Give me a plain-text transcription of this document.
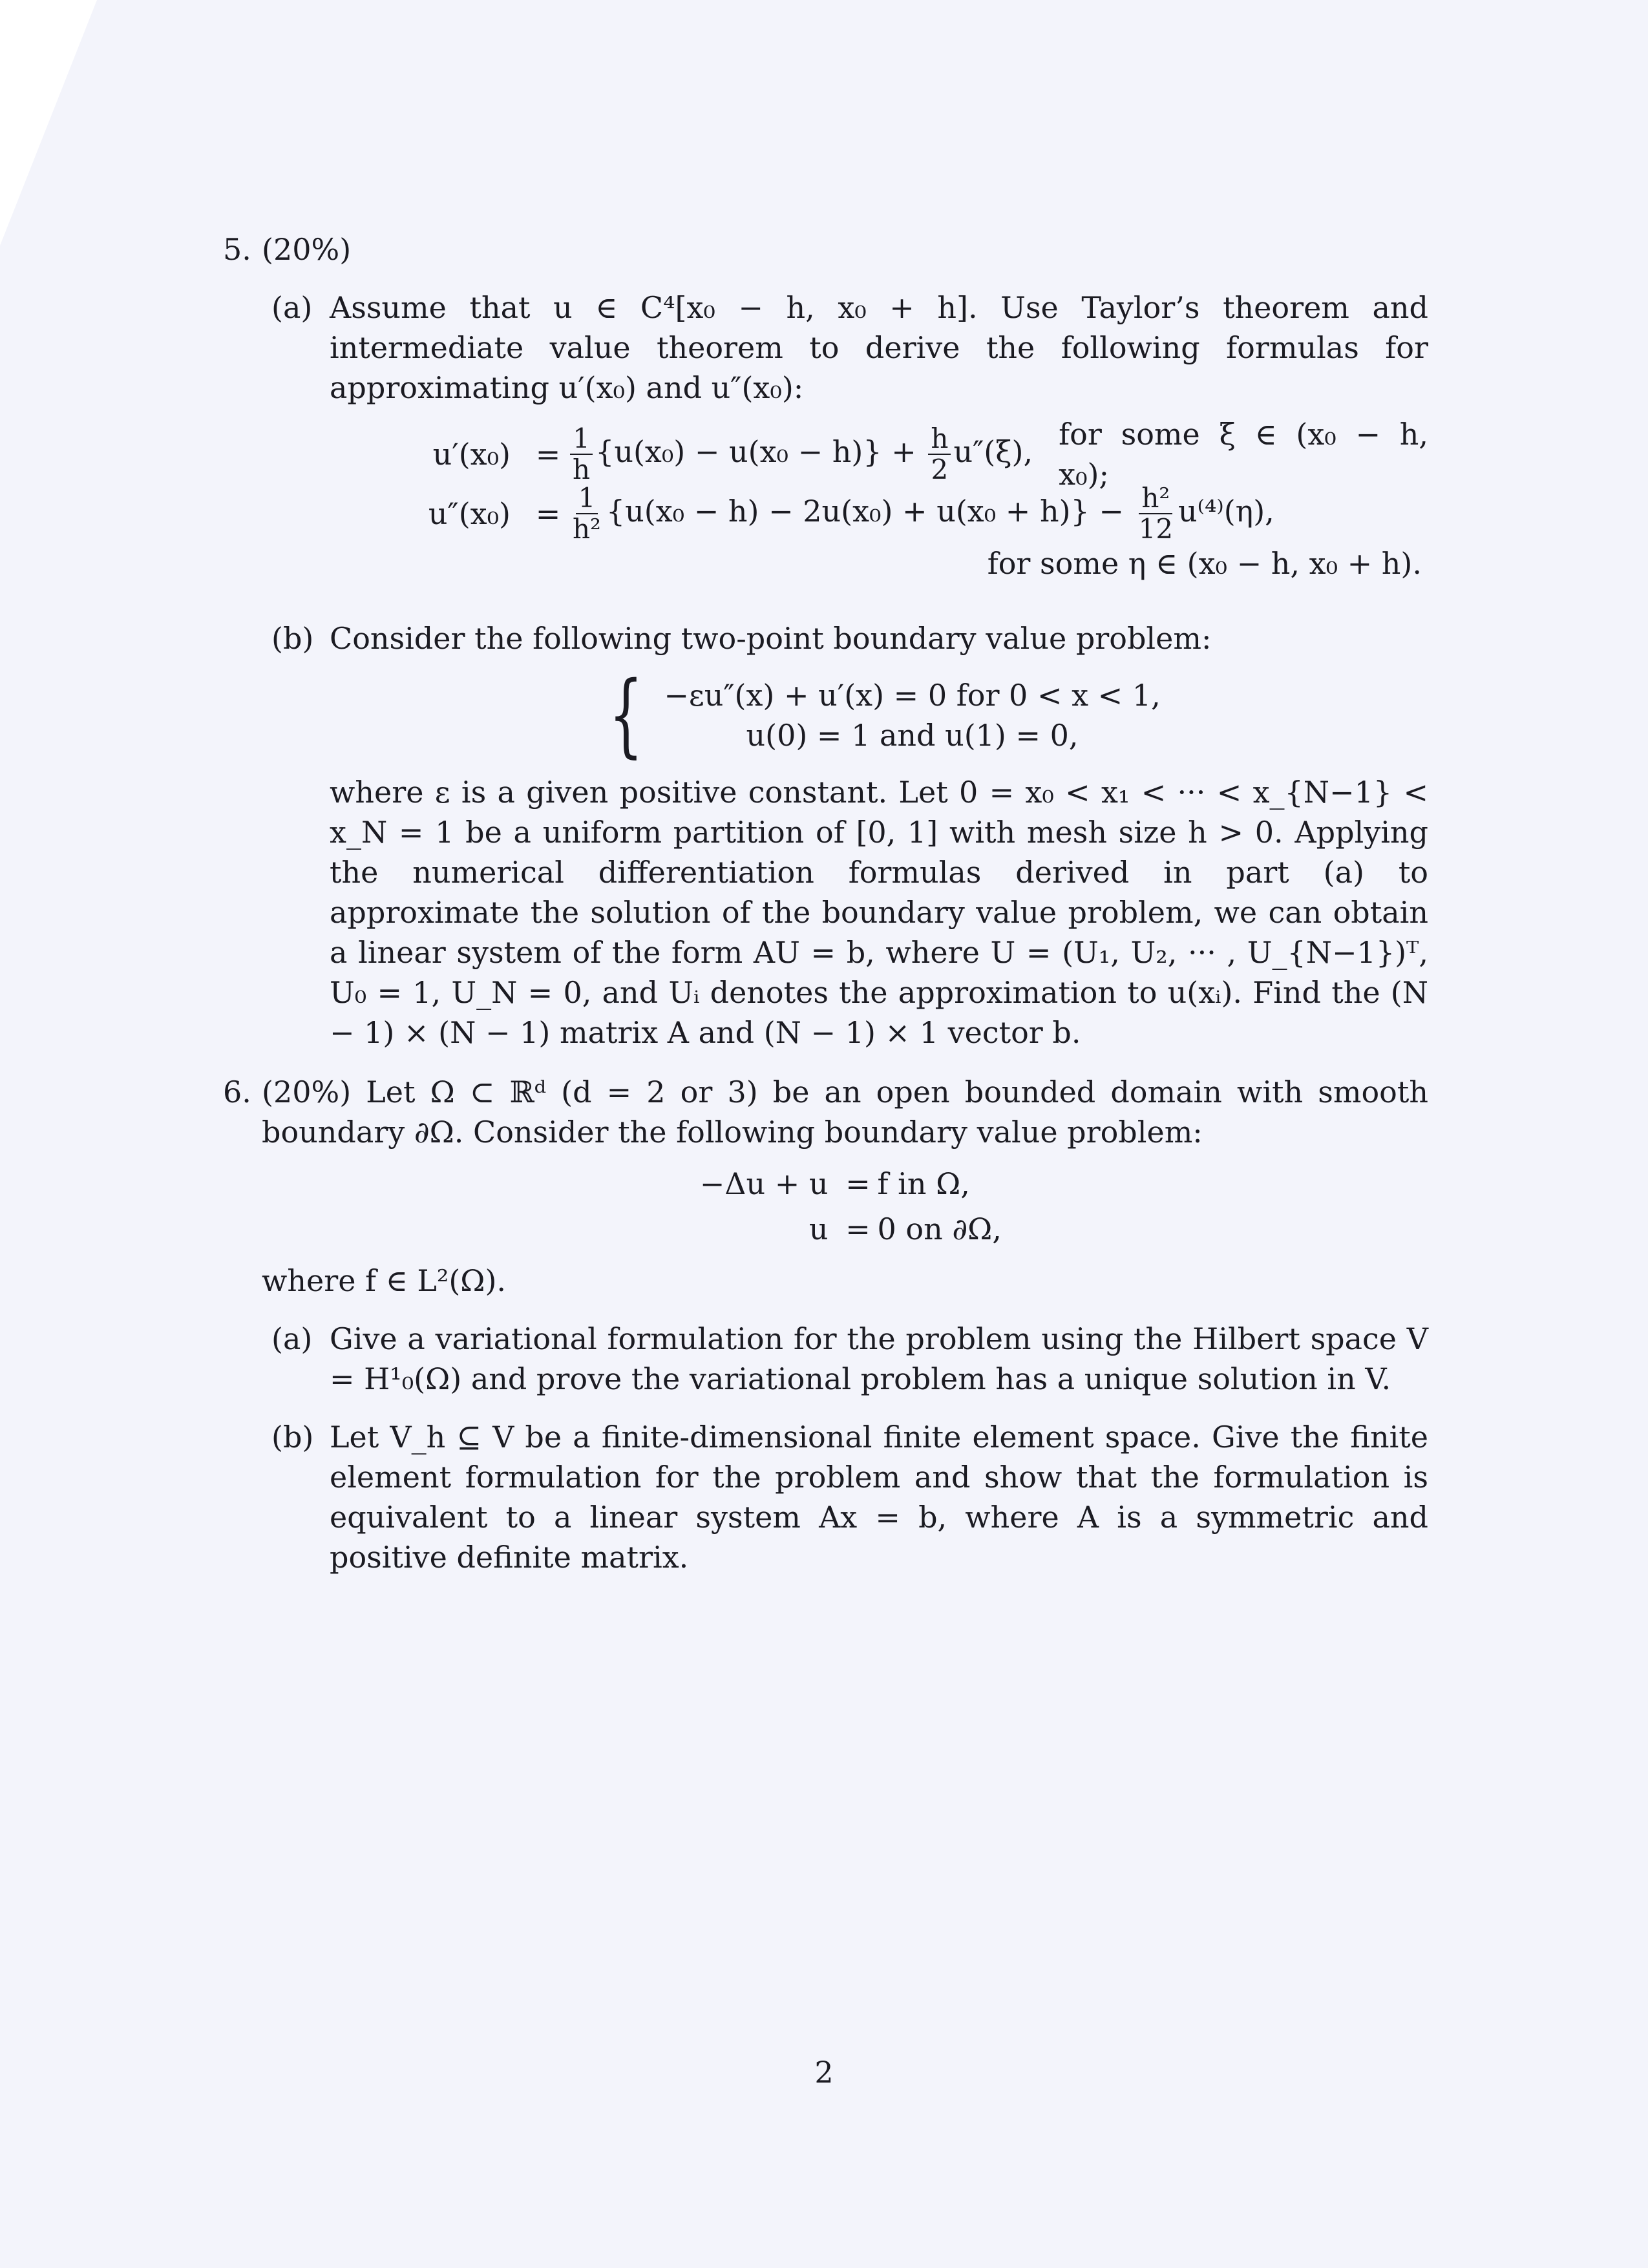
5. (20%)
(a) Assume that u ∈ C⁴[x₀ − h, x₀ + h]. Use Taylor’s theorem and intermediate value theorem to derive the following formulas for approximating u′(x₀) and u″(x₀):
$u'(x_0) = \frac{1}{h} \{u(x_0) - u(x_0 - h)\} + \frac{h}{2} u''(\xi)$, for some ξ ∈ (x₀ − h, x₀);
$u''(x_0) = \frac{1}{\text{h²}} \{u(x_0 - h) - 2u(x_0) + u(x_0 + h)\} - \frac{\text{h²}}{12} u^{(4)}(\eta)$,
for some η ∈ (x₀ − h, x₀ + h).
(b) Consider the following two-point boundary value problem:
{ −εu″(x) + u′(x) = 0 for 0 < x < 1,
u(0) = 1 and u(1) = 0,
where ε is a given positive constant. Let 0 = x₀ < x₁ < ··· < x_{N−1} < x_N = 1 be a uniform partition of [0, 1] with mesh size h > 0. Applying the numerical differentiation formulas derived in part (a) to approximate the solution of the boundary value problem, we can obtain a linear system of the form AU = b, where U = (U₁, U₂, ··· , U_{N−1})ᵀ, U₀ = 1, U_N = 0, and Uᵢ denotes the approximation to u(xᵢ). Find the (N − 1) × (N − 1) matrix A and (N − 1) × 1 vector b.
6. (20%) Let Ω ⊂ ℝᵈ (d = 2 or 3) be an open bounded domain with smooth boundary ∂Ω. Consider the following boundary value problem:
−Δu + u = f in Ω,
u = 0 on ∂Ω,
where f ∈ L²(Ω).
(a) Give a variational formulation for the problem using the Hilbert space V = H¹₀(Ω) and prove the variational problem has a unique solution in V.
(b) Let V_h ⊆ V be a finite-dimensional finite element space. Give the finite element formulation for the problem and show that the formulation is equivalent to a linear system Ax = b, where A is a symmetric and positive definite matrix.
2
